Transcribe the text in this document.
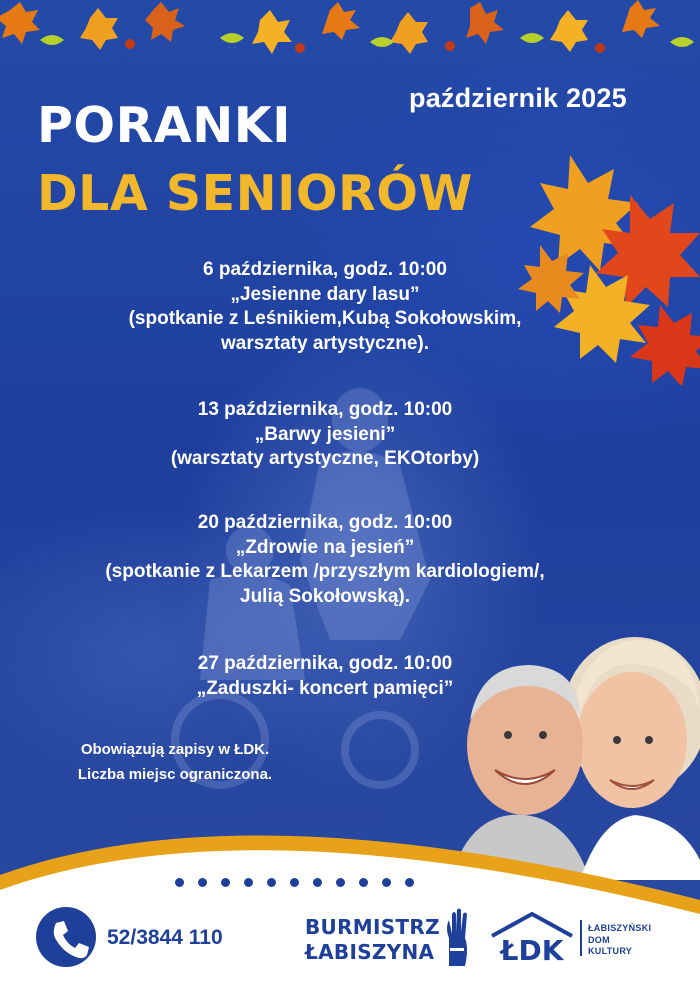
październik 2025
PORANKI
DLA SENIORÓW
6 października, godz. 10:00
„Jesienne dary lasu”
(spotkanie z Leśnikiem,Kubą Sokołowskim,
warsztaty artystyczne).
13 października, godz. 10:00
„Barwy jesieni”
(warsztaty artystyczne, EKOtorby)
20 października, godz. 10:00
„Zdrowie na jesień”
(spotkanie z Lekarzem /przyszłym kardiologiem/,
Julią Sokołowską).
27 października, godz. 10:00
„Zaduszki- koncert pamięci”
Obowiązują zapisy w ŁDK.
Liczba miejsc ograniczona.
52/3844 110	BURMISTRZ
ŁABISZYNA ŁDK
ŁABISZYŃSKI
DOM
KULTURY
